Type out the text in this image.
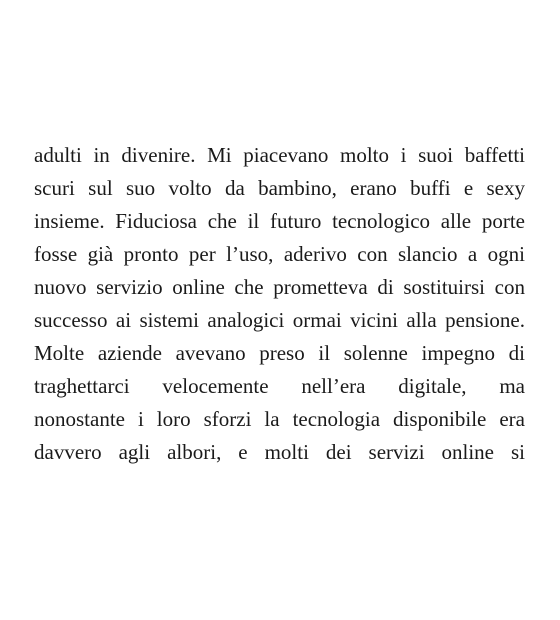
adulti in divenire. Mi piacevano molto i suoi baffetti
scuri sul suo volto da bambino, erano buffi e sexy
insieme. Fiduciosa che il futuro tecnologico alle porte
fosse già pronto per l’uso, aderivo con slancio a ogni
nuovo servizio online che prometteva di sostituirsi con
successo ai sistemi analogici ormai vicini alla pensione.
Molte aziende avevano preso il solenne impegno di
traghettarci velocemente nell’era digitale, ma
nonostante i loro sforzi la tecnologia disponibile era
davvero agli albori, e molti dei servizi online si
